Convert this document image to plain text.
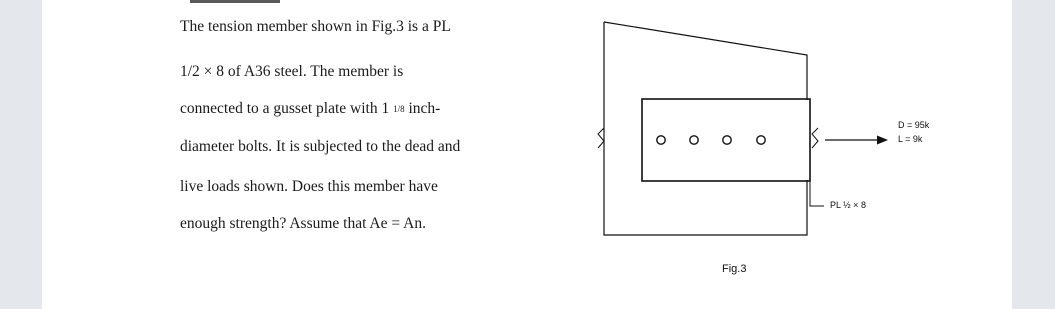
The tension member shown in Fig.3 is a PL
1/2 × 8 of A36 steel. The member is
connected to a gusset plate with 1 1/8 inch-
diameter bolts. It is subjected to the dead and
live loads shown. Does this member have
enough strength? Assume that Ae = An.
D = 95k
L = 9k
PL ½ × 8
Fig.3
